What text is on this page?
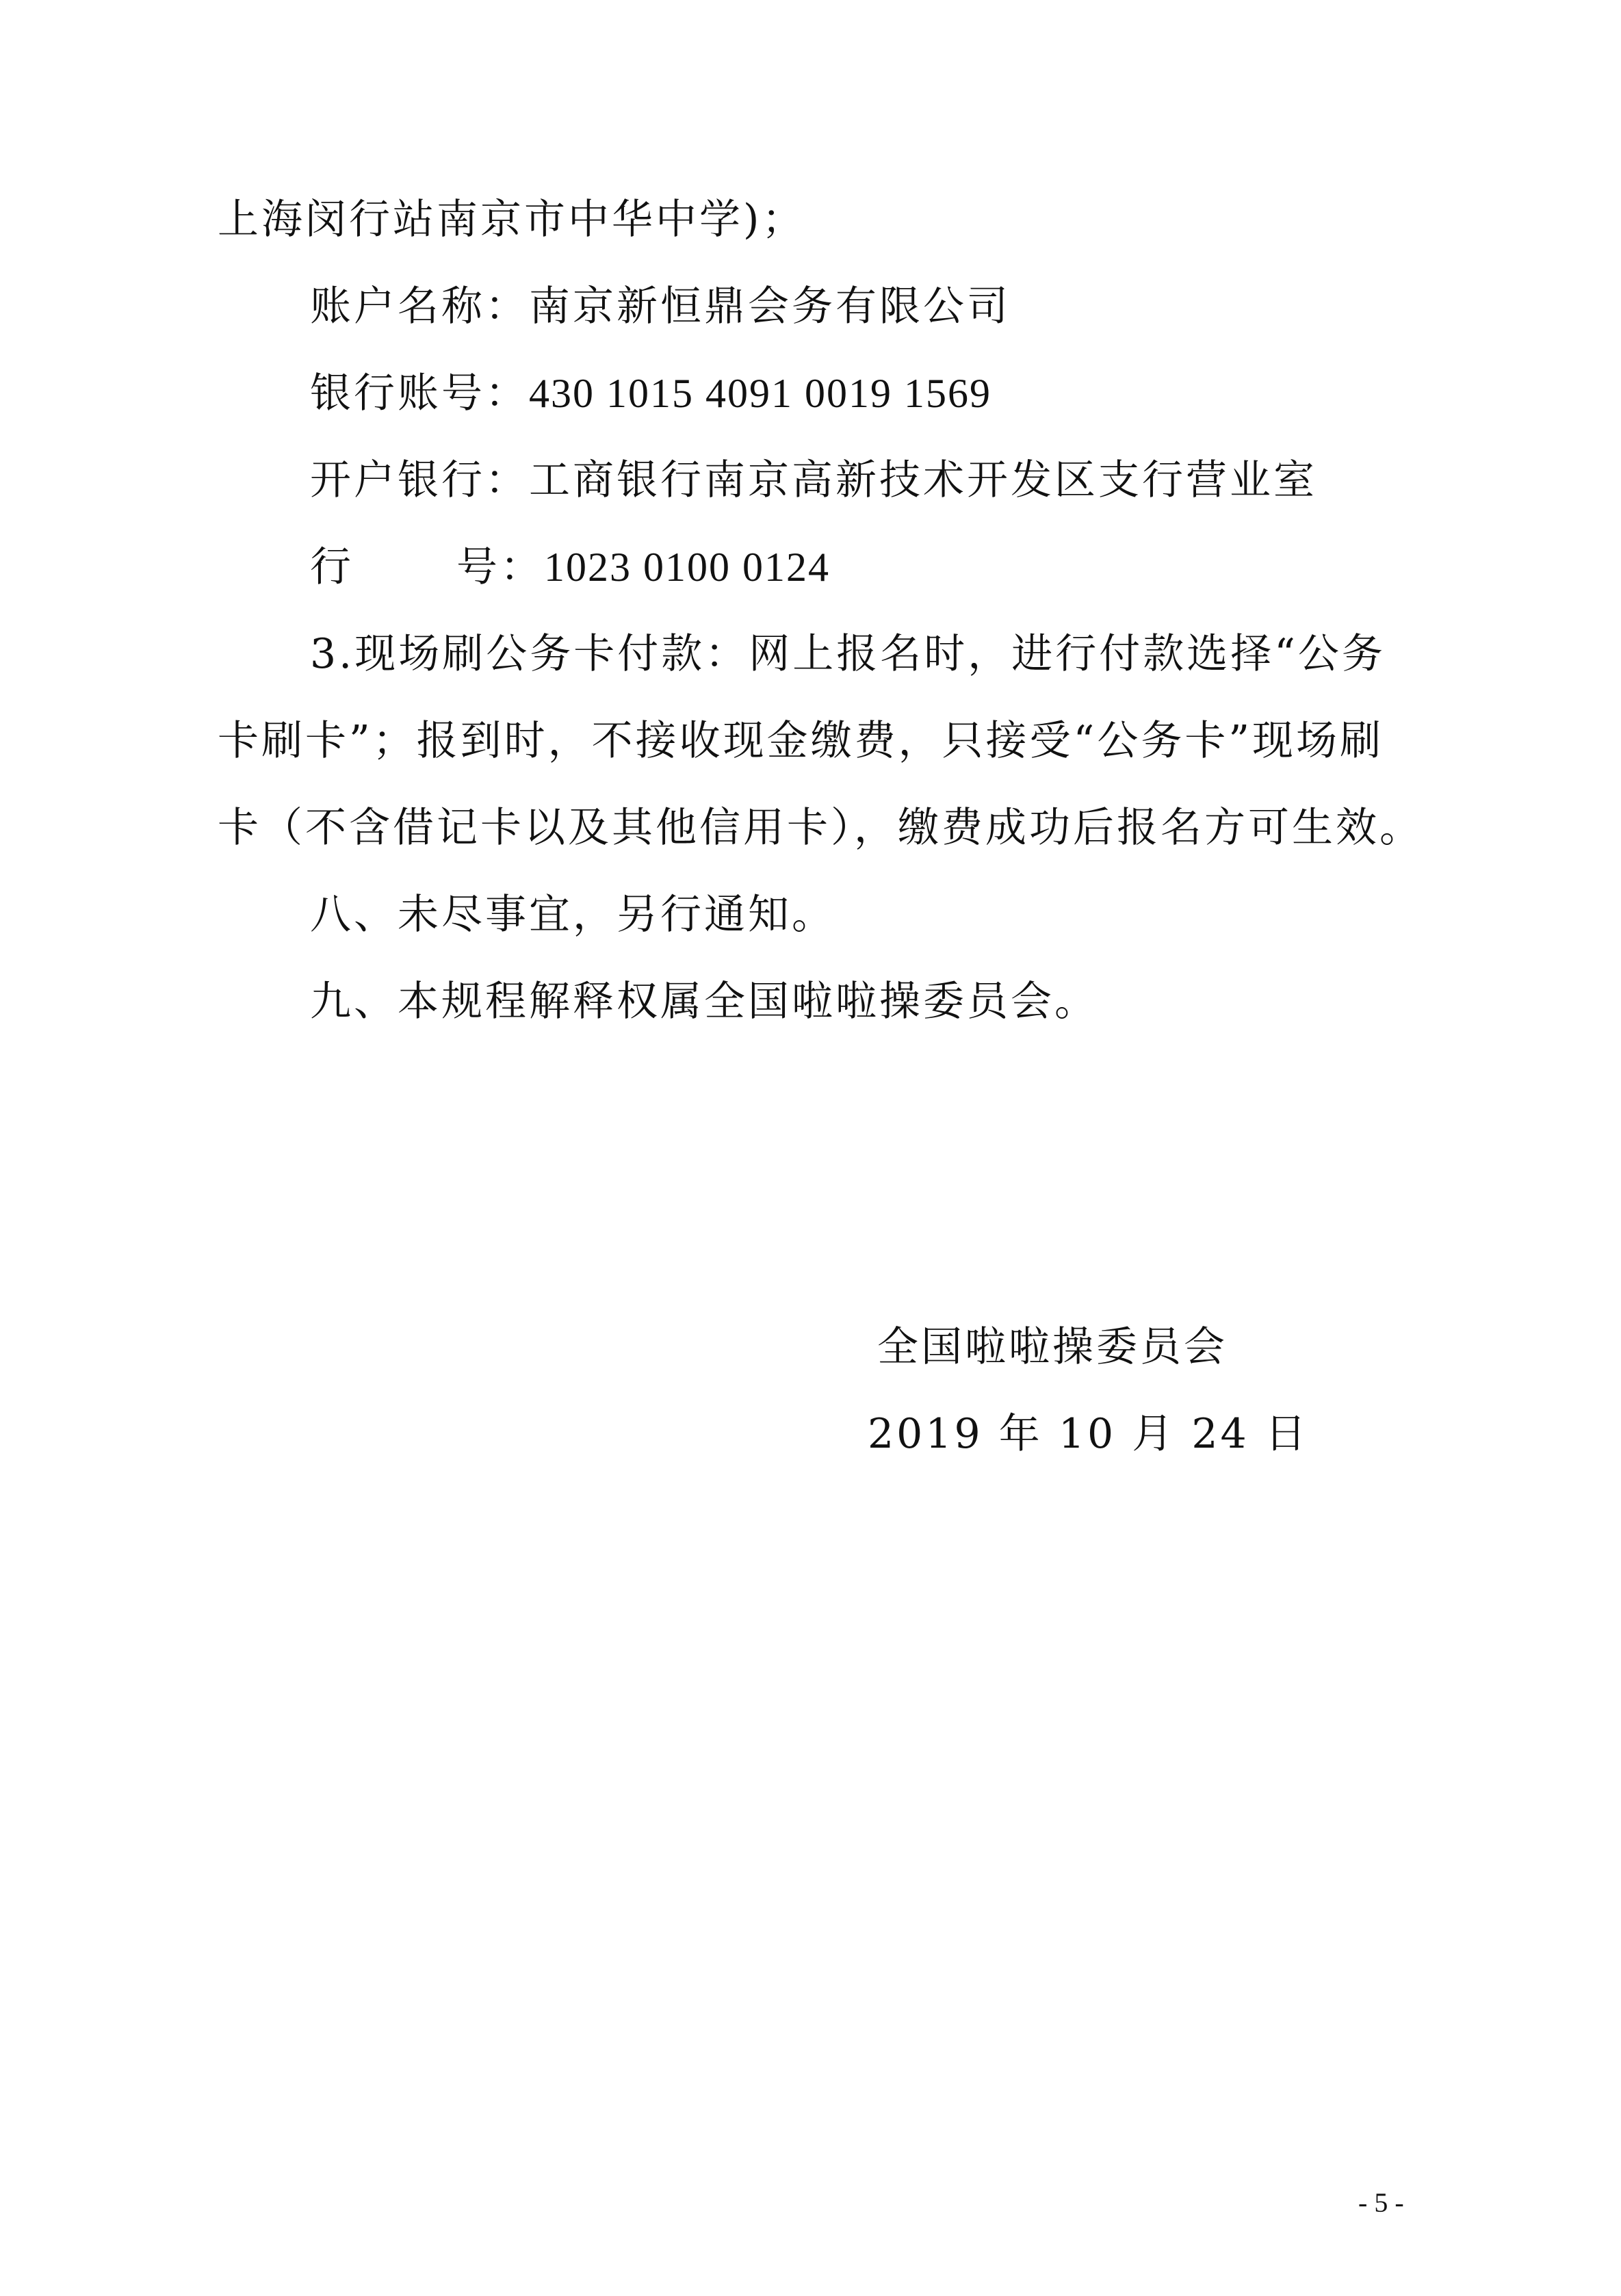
上海闵行站南京市中华中学)；
账户名称：南京新恒鼎会务有限公司
银行账号：430 1015 4091 0019 1569
开户银行：工商银行南京高新技术开发区支行营业室
行	号：1023 0100 0124
3.现场刷公务卡付款：网上报名时，进行付款选择“公务
卡刷卡”；报到时，不接收现金缴费，只接受“公务卡”现场刷
卡（不含借记卡以及其他信用卡），缴费成功后报名方可生效。
八、未尽事宜，另行通知。
九、本规程解释权属全国啦啦操委员会。
全国啦啦操委员会
2019 年 10 月 24 日
- 5 -
